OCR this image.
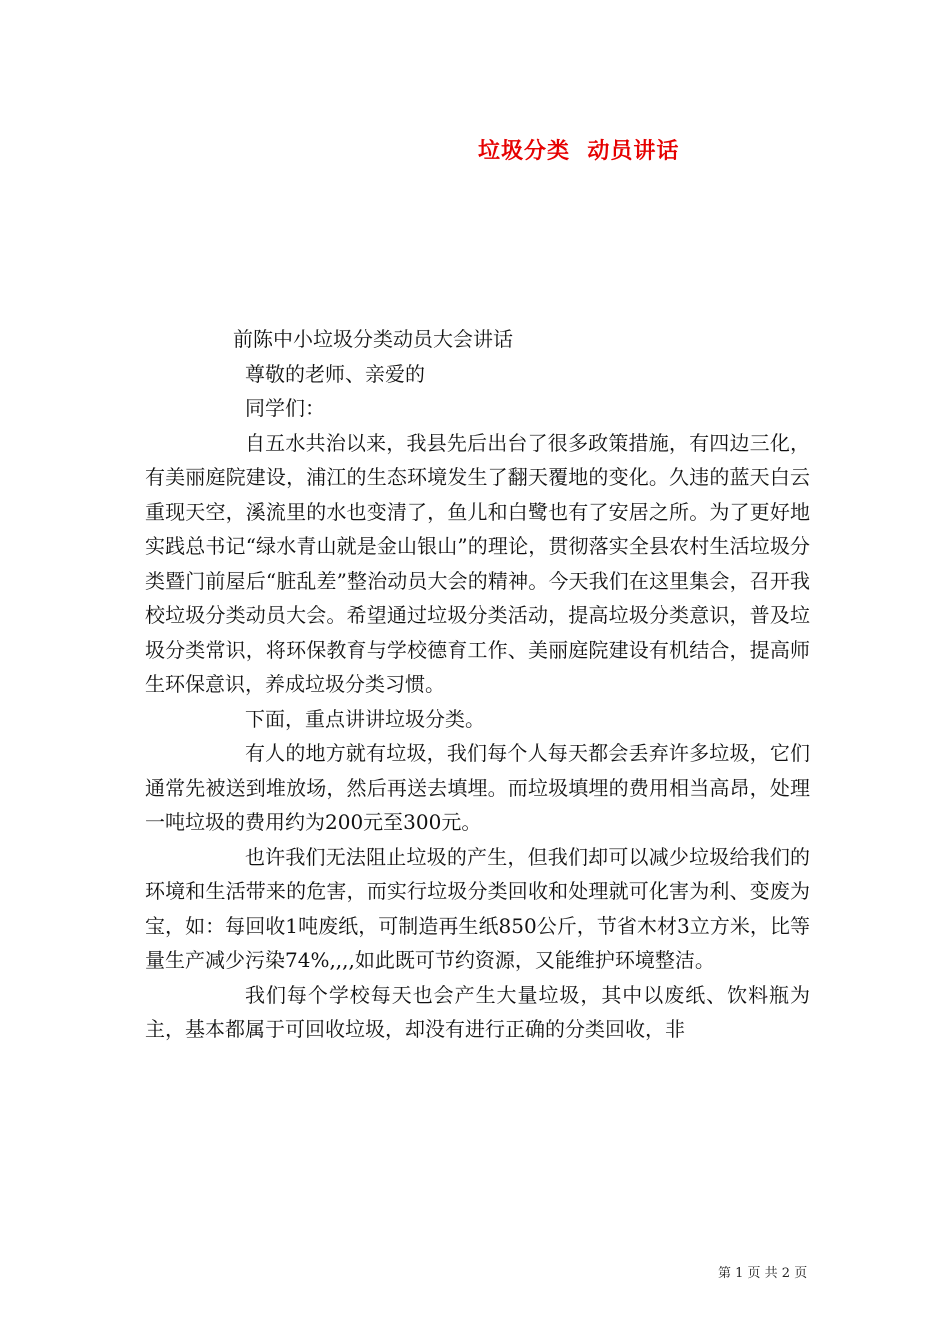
垃圾分类  动员讲话

前陈中小垃圾分类动员大会讲话

尊敬的老师、亲爱的

同学们：

自五水共治以来，我县先后出台了很多政策措施，有四边三化，有美丽庭院建设，浦江的生态环境发生了翻天覆地的变化。久违的蓝天白云重现天空，溪流里的水也变清了，鱼儿和白鹭也有了安居之所。为了更好地实践总书记“绿水青山就是金山银山”的理论，贯彻落实全县农村生活垃圾分类暨门前屋后“脏乱差”整治动员大会的精神。今天我们在这里集会，召开我校垃圾分类动员大会。希望通过垃圾分类活动，提高垃圾分类意识，普及垃圾分类常识，将环保教育与学校德育工作、美丽庭院建设有机结合，提高师生环保意识，养成垃圾分类习惯。

下面，重点讲讲垃圾分类。

有人的地方就有垃圾，我们每个人每天都会丢弃许多垃圾，它们通常先被送到堆放场，然后再送去填埋。而垃圾填埋的费用相当高昂，处理一吨垃圾的费用约为200元至300元。

也许我们无法阻止垃圾的产生，但我们却可以减少垃圾给我们的环境和生活带来的危害，而实行垃圾分类回收和处理就可化害为利、变废为宝，如：每回收1吨废纸，可制造再生纸850公斤，节省木材3立方米，比等量生产减少污染74%,,,,如此既可节约资源，又能维护环境整洁。

我们每个学校每天也会产生大量垃圾，其中以废纸、饮料瓶为主，基本都属于可回收垃圾，却没有进行正确的分类回收，非

第 1 页 共 2 页
